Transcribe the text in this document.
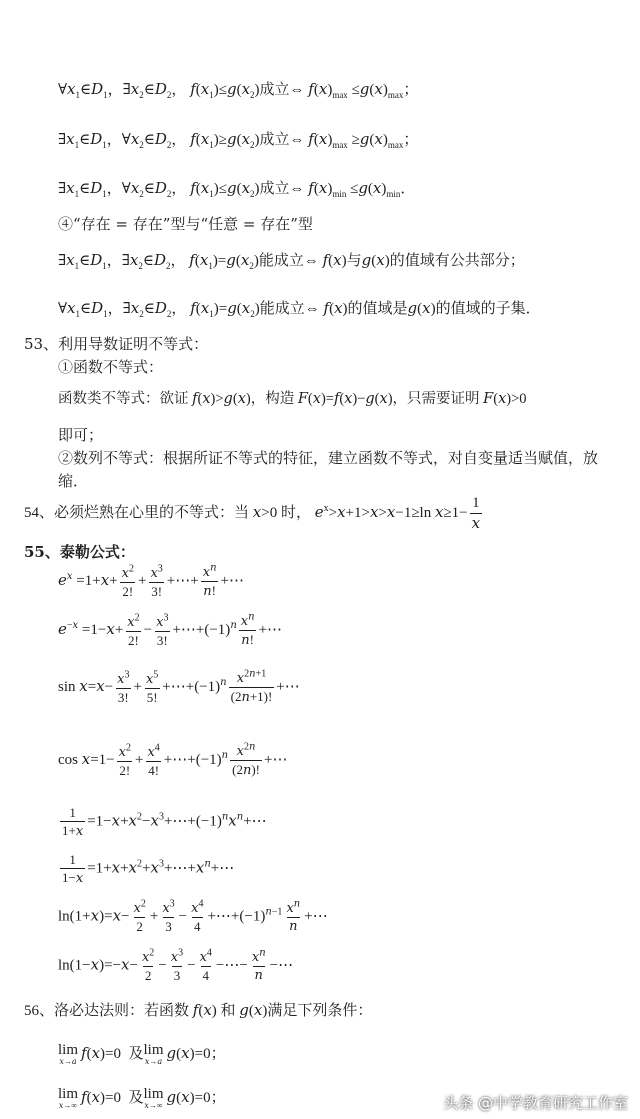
$\forall x_1\in D_1$，$\exists x_2\in D_2$， $f(x_1)\le g(x_2)$成立⇔ $f(x)_{max} \le g(x)_{max}$；
$\exists x_1\in D_1$，$\forall x_2\in D_2$， $f(x_1)\ge g(x_2)$成立⇔ $f(x)_{max} \ge g(x)_{max}$；
$\exists x_1\in D_1$，$\forall x_2\in D_2$， $f(x_1)\le g(x_2)$成立⇔ $f(x)_{min} \le g(x)_{min}$．
④“存在 = 存在”型与“任意 = 存在”型
$\exists x_1\in D_1$，$\exists x_2\in D_2$， $f(x_1)=g(x_2)$能成立⇔ f(x)与g(x)的值域有公共部分；
$\forall x_1\in D_1$，$\exists x_2\in D_2$， $f(x_1)=g(x_2)$能成立⇔ f(x)的值域是g(x)的值域的子集．
53、利用导数证明不等式：
①函数不等式：
函数类不等式：欲证 f(x)>g(x)，构造 F(x)=f(x)−g(x)，只需要证明 F(x)>0
即可；
②数列不等式：根据所证不等式的特征，建立函数不等式，对自变量适当赋值，放
缩．
54、必须烂熟在心里的不等式：当 x>0 时， $e^x>x+1>x>x-1\ge\ln$ $x\ge 1- \frac{1}{x}$
55、泰勒公式：
$e^x =1+x+ \frac{x^2}{2!} + \frac{x^3}{3!}$ +⋯+ $\frac{x^n}{n!}$ +⋯
$e^{-x} =1-x+ \frac{x^2}{2!} - \frac{x^3}{3!}$ $+\cdots+(-1)^n \frac{x^n}{n!}$ +⋯
$\sin x=x- \frac{x^3}{3!} + \frac{x^5}{5!}$ $+\cdots+(-1)^n \frac{x^{2n+1}}{(2n+1)!}$ +⋯
$\cos x=1- \frac{x^2}{2!} + \frac{x^4}{4!}$ $+\cdots+(-1)^n \frac{x^{2n}}{(2n)!}$ +⋯
$\frac{1}{1+x}$ $=1-x+x^2-x^3+\cdots+(-1)^nx^n+\cdots$
$\frac{1}{1-x}$ $=1+x+x^2+x^3+\cdots+x^n+\cdots$
$\ln(1+x)=x- \frac{x^2}{2} + \frac{x^3}{3} - \frac{x^4}{4}$ $+\cdots+(-1)^{n-1} \frac{x^n}{n}$ +⋯
$\ln(1-x)=-x- \frac{x^2}{2} - \frac{x^3}{3} - \frac{x^4}{4}$ −⋯− $\frac{x^n}{n}$ −⋯
56、洛必达法则：若函数 f(x) 和 g(x)满足下列条件：
lim
x→a f(x)=0  及 lim
x→a g(x)=0；
lim
x→∞ f(x)=0  及 lim
x→∞ g(x)=0；	头条 @中学教育研究工作室
